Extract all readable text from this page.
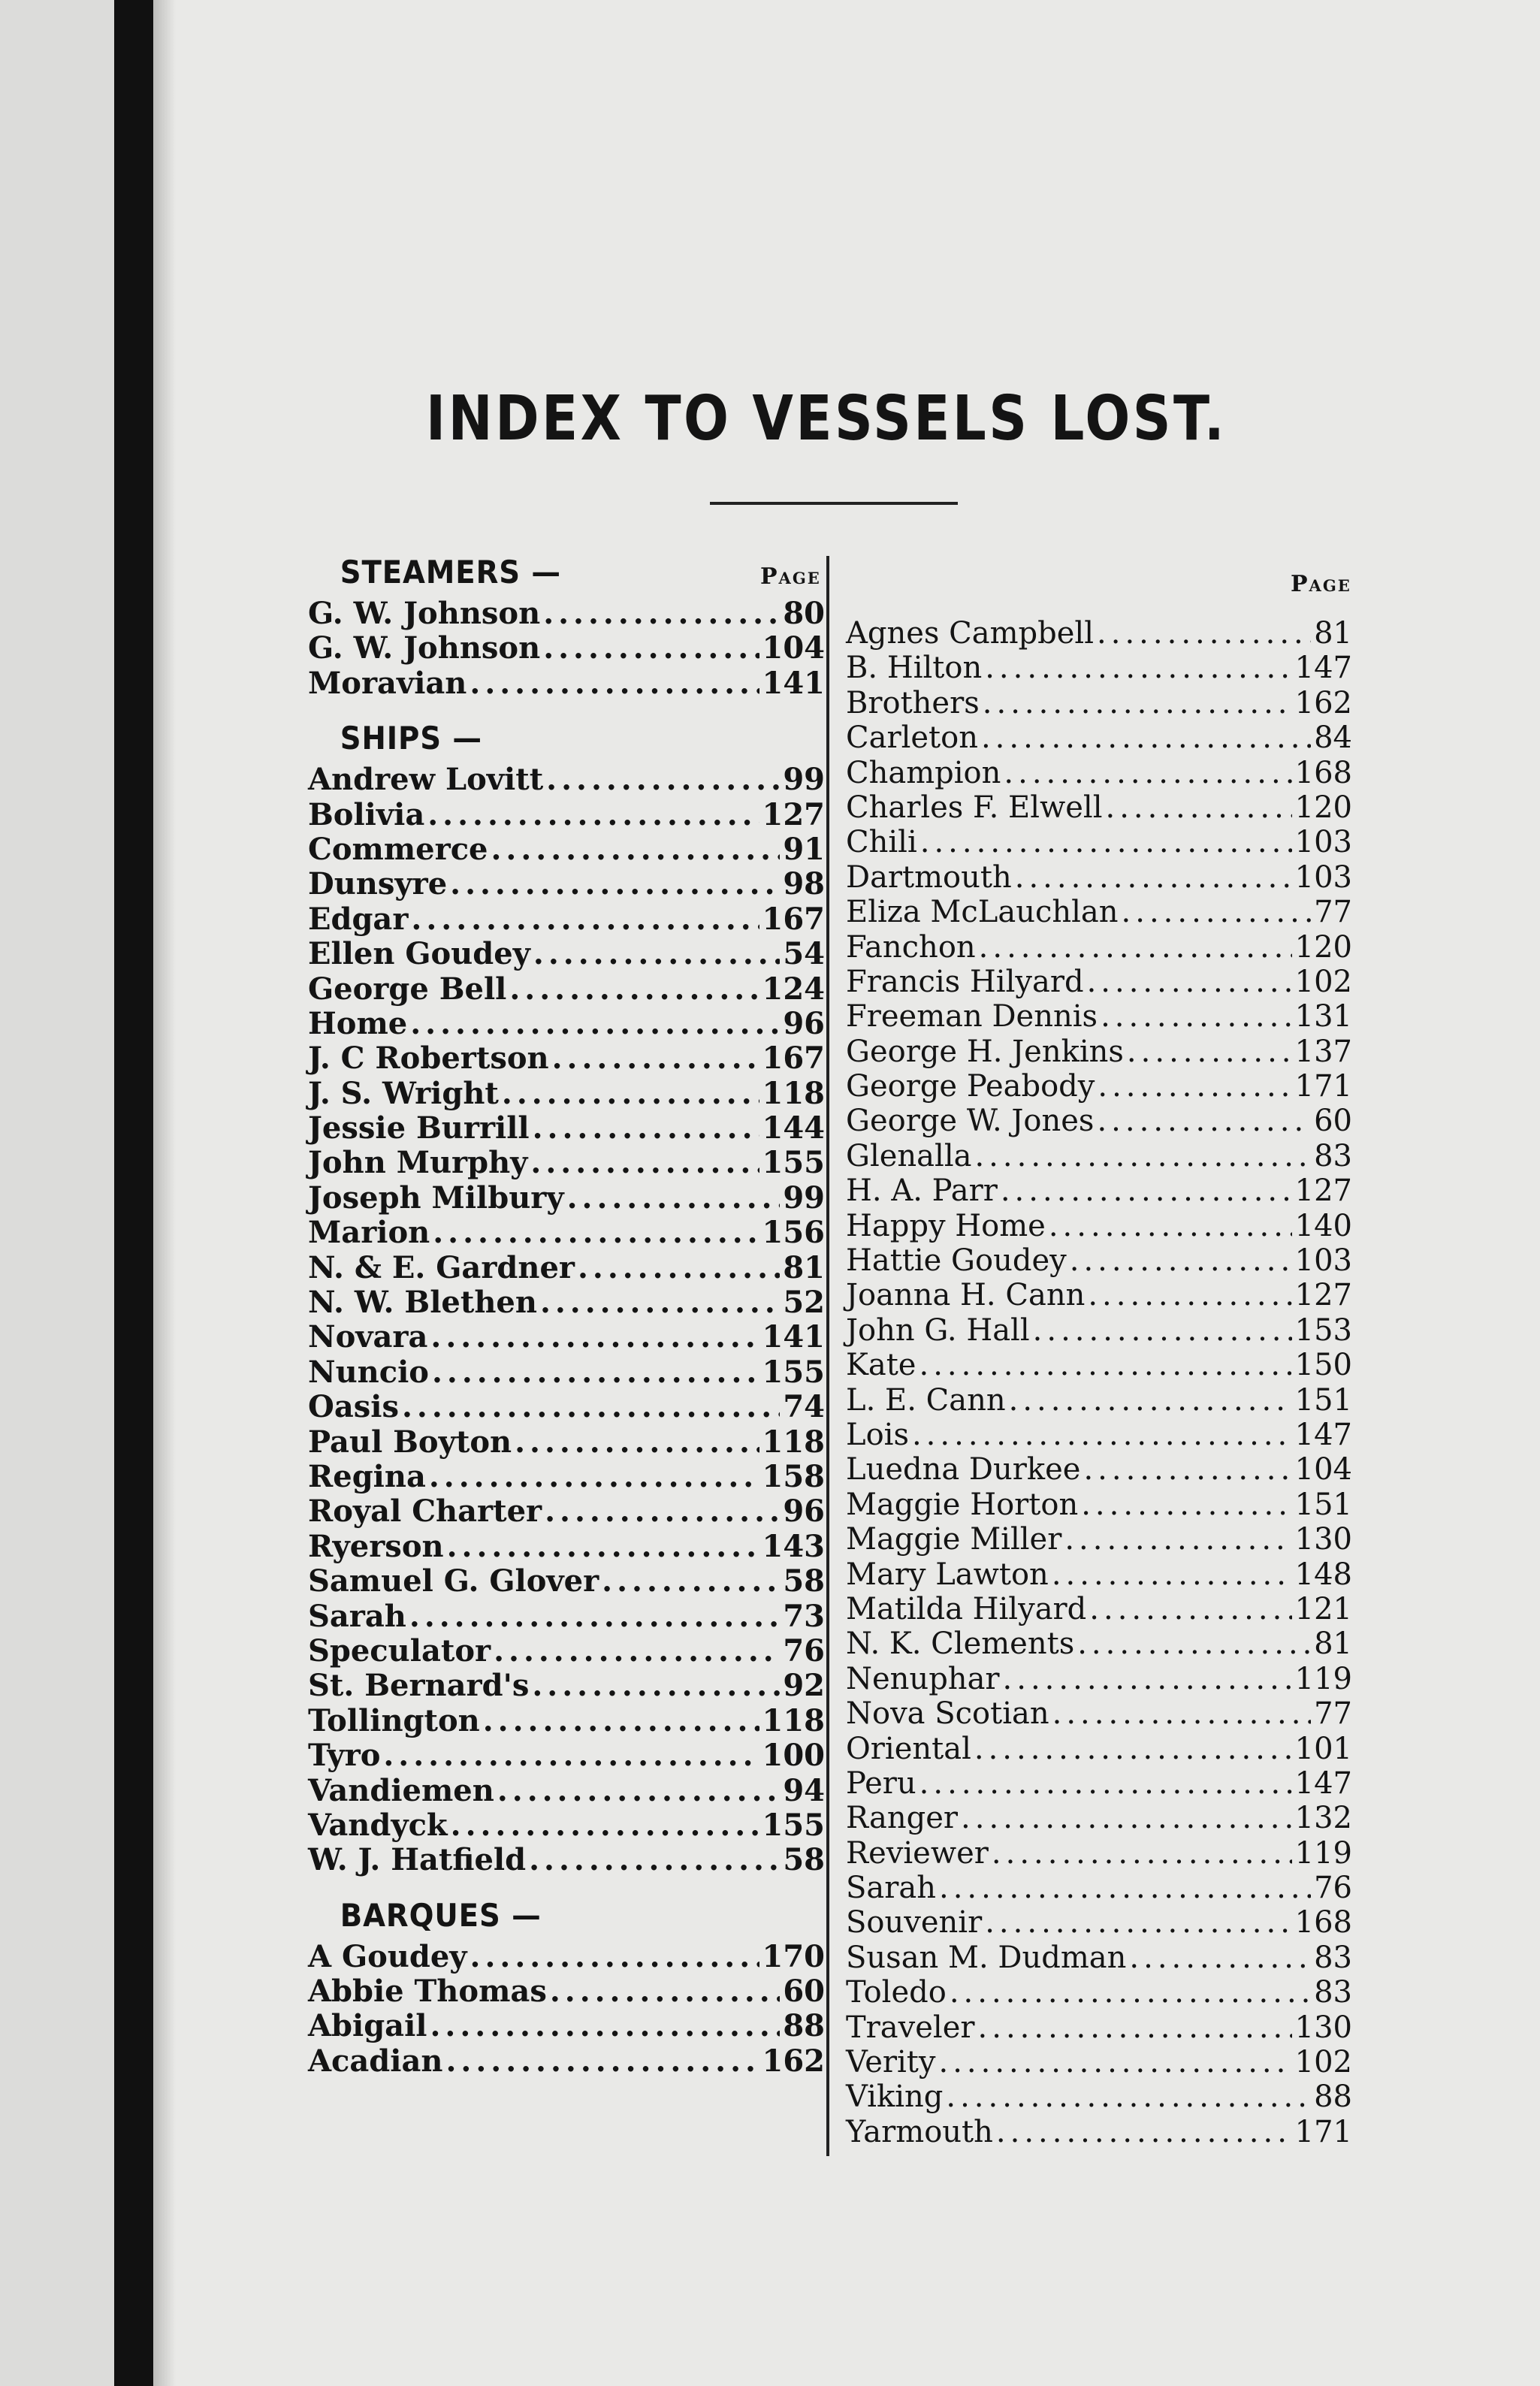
INDEX TO VESSELS LOST.
Page	Page
STEAMERS —
G. W. Johnson .....	80
G. W. Johnson .....	104
Moravian .....	141
SHIPS —
Andrew Lovitt .....	99
Bolivia .....	127
Commerce .....	91
Dunsyre .....	98
Edgar .....	167
Ellen Goudey .....	54
George Bell .....	124
Home .....	96
J. C Robertson .....	167
J. S. Wright .....	118
Jessie Burrill .....	144
John Murphy .....	155
Joseph Milbury .....	99
Marion .....	156
N. & E. Gardner .....	81
N. W. Blethen .....	52
Novara .....	141
Nuncio .....	155
Oasis .....	74
Paul Boyton .....	118
Regina .....	158
Royal Charter .....	96
Ryerson .....	143
Samuel G. Glover .....	58
Sarah .....	73
Speculator .....	76
St. Bernard's .....	92
Tollington .....	118
Tyro .....	100
Vandiemen .....	94
Vandyck .....	155
W. J. Hatfield .....	58
BARQUES —
A Goudey .....	170
Abbie Thomas .....	60
Abigail .....	88
Acadian .....	162
Agnes Campbell .....	81
B. Hilton .....	147
Brothers .....	162
Carleton .....	84
Champion .....	168
Charles F. Elwell .....	120
Chili .....	103
Dartmouth .....	103
Eliza McLauchlan .....	77
Fanchon .....	120
Francis Hilyard .....	102
Freeman Dennis .....	131
George H. Jenkins .....	137
George Peabody .....	171
George W. Jones .....	60
Glenalla .....	83
H. A. Parr .....	127
Happy Home .....	140
Hattie Goudey .....	103
Joanna H. Cann .....	127
John G. Hall .....	153
Kate .....	150
L. E. Cann .....	151
Lois .....	147
Luedna Durkee .....	104
Maggie Horton .....	151
Maggie Miller .....	130
Mary Lawton .....	148
Matilda Hilyard .....	121
N. K. Clements .....	81
Nenuphar .....	119
Nova Scotian .....	77
Oriental .....	101
Peru .....	147
Ranger .....	132
Reviewer .....	119
Sarah .....	76
Souvenir .....	168
Susan M. Dudman .....	83
Toledo .....	83
Traveler .....	130
Verity .....	102
Viking .....	88
Yarmouth .....	171
